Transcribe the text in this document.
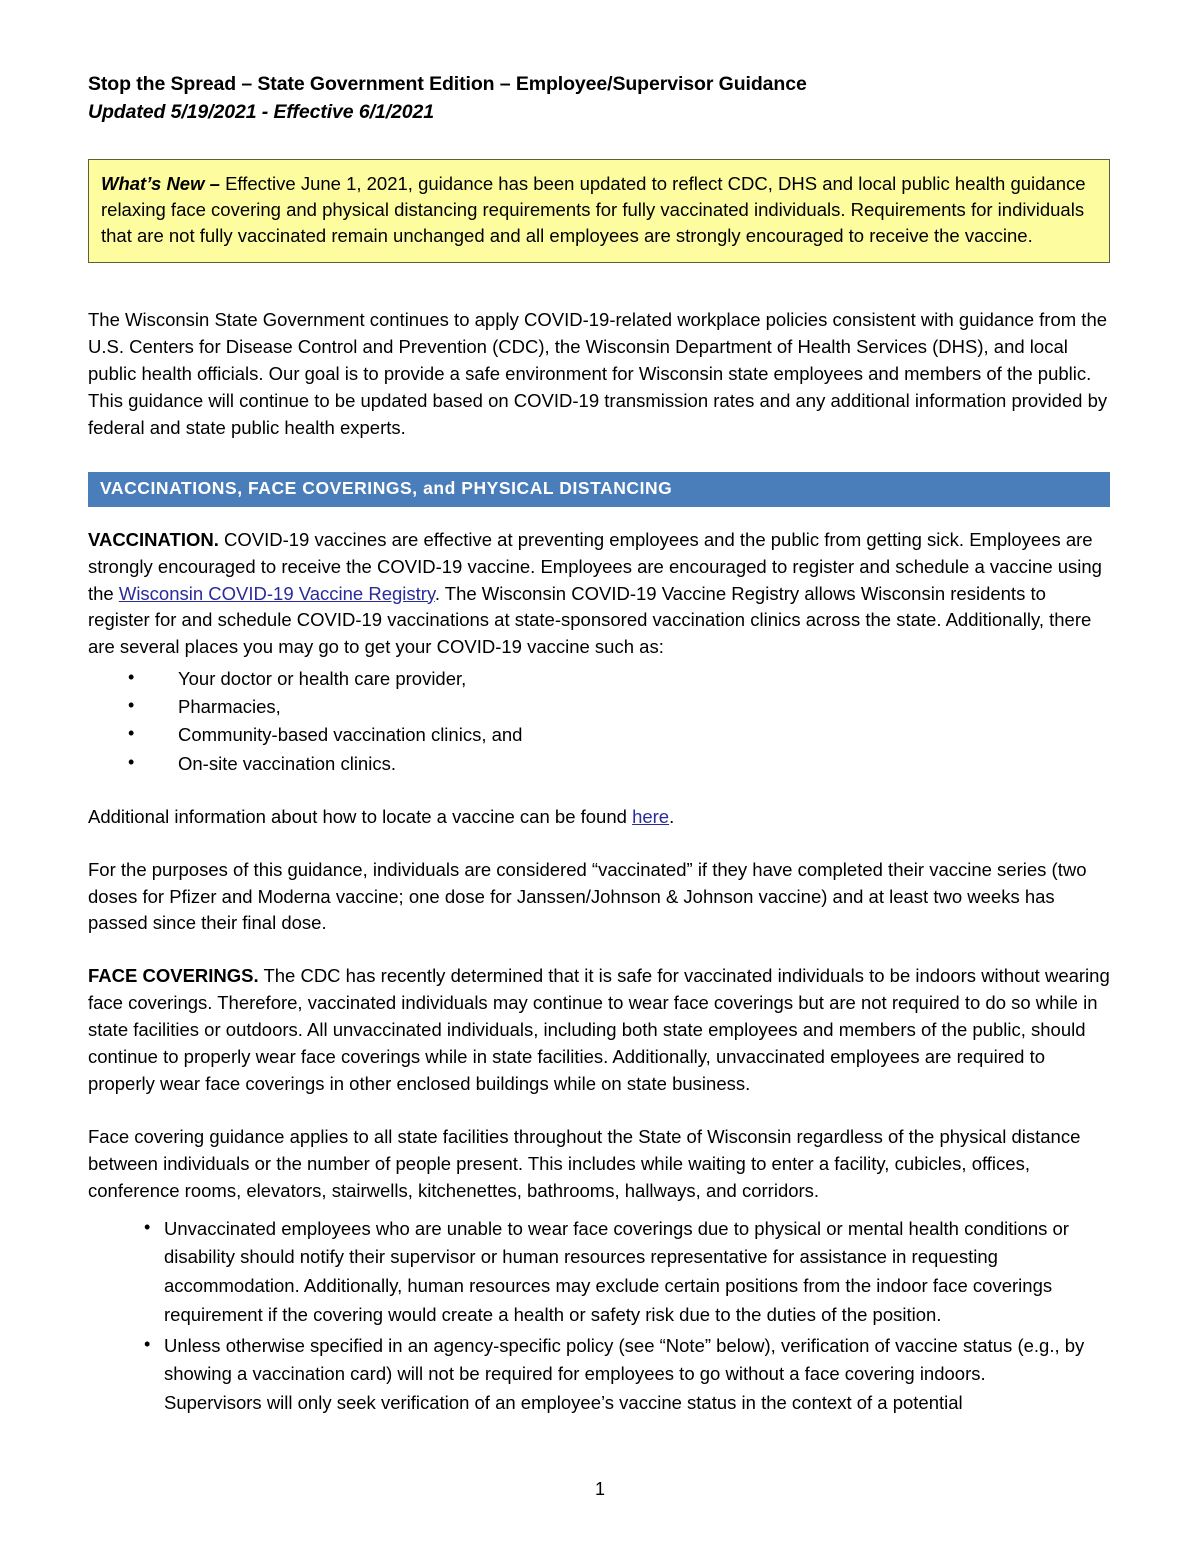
Stop the Spread – State Government Edition – Employee/Supervisor Guidance
Updated 5/19/2021 - Effective 6/1/2021

What’s New – Effective June 1, 2021, guidance has been updated to reflect CDC, DHS and local public health guidance relaxing face covering and physical distancing requirements for fully vaccinated individuals. Requirements for individuals that are not fully vaccinated remain unchanged and all employees are strongly encouraged to receive the vaccine.

The Wisconsin State Government continues to apply COVID-19-related workplace policies consistent with guidance from the U.S. Centers for Disease Control and Prevention (CDC), the Wisconsin Department of Health Services (DHS), and local public health officials. Our goal is to provide a safe environment for Wisconsin state employees and members of the public. This guidance will continue to be updated based on COVID-19 transmission rates and any additional information provided by federal and state public health experts.

VACCINATIONS, FACE COVERINGS, and PHYSICAL DISTANCING

VACCINATION. COVID-19 vaccines are effective at preventing employees and the public from getting sick. Employees are strongly encouraged to receive the COVID-19 vaccine. Employees are encouraged to register and schedule a vaccine using the Wisconsin COVID-19 Vaccine Registry. The Wisconsin COVID-19 Vaccine Registry allows Wisconsin residents to register for and schedule COVID-19 vaccinations at state-sponsored vaccination clinics across the state. Additionally, there are several places you may go to get your COVID-19 vaccine such as:

• Your doctor or health care provider,
• Pharmacies,
• Community-based vaccination clinics, and
• On-site vaccination clinics.

Additional information about how to locate a vaccine can be found here.

For the purposes of this guidance, individuals are considered “vaccinated” if they have completed their vaccine series (two doses for Pfizer and Moderna vaccine; one dose for Janssen/Johnson & Johnson vaccine) and at least two weeks has passed since their final dose.

FACE COVERINGS. The CDC has recently determined that it is safe for vaccinated individuals to be indoors without wearing face coverings. Therefore, vaccinated individuals may continue to wear face coverings but are not required to do so while in state facilities or outdoors. All unvaccinated individuals, including both state employees and members of the public, should continue to properly wear face coverings while in state facilities. Additionally, unvaccinated employees are required to properly wear face coverings in other enclosed buildings while on state business.

Face covering guidance applies to all state facilities throughout the State of Wisconsin regardless of the physical distance between individuals or the number of people present. This includes while waiting to enter a facility, cubicles, offices, conference rooms, elevators, stairwells, kitchenettes, bathrooms, hallways, and corridors.

• Unvaccinated employees who are unable to wear face coverings due to physical or mental health conditions or disability should notify their supervisor or human resources representative for assistance in requesting accommodation. Additionally, human resources may exclude certain positions from the indoor face coverings requirement if the covering would create a health or safety risk due to the duties of the position.
• Unless otherwise specified in an agency-specific policy (see “Note” below), verification of vaccine status (e.g., by showing a vaccination card) will not be required for employees to go without a face covering indoors. Supervisors will only seek verification of an employee’s vaccine status in the context of a potential
1
